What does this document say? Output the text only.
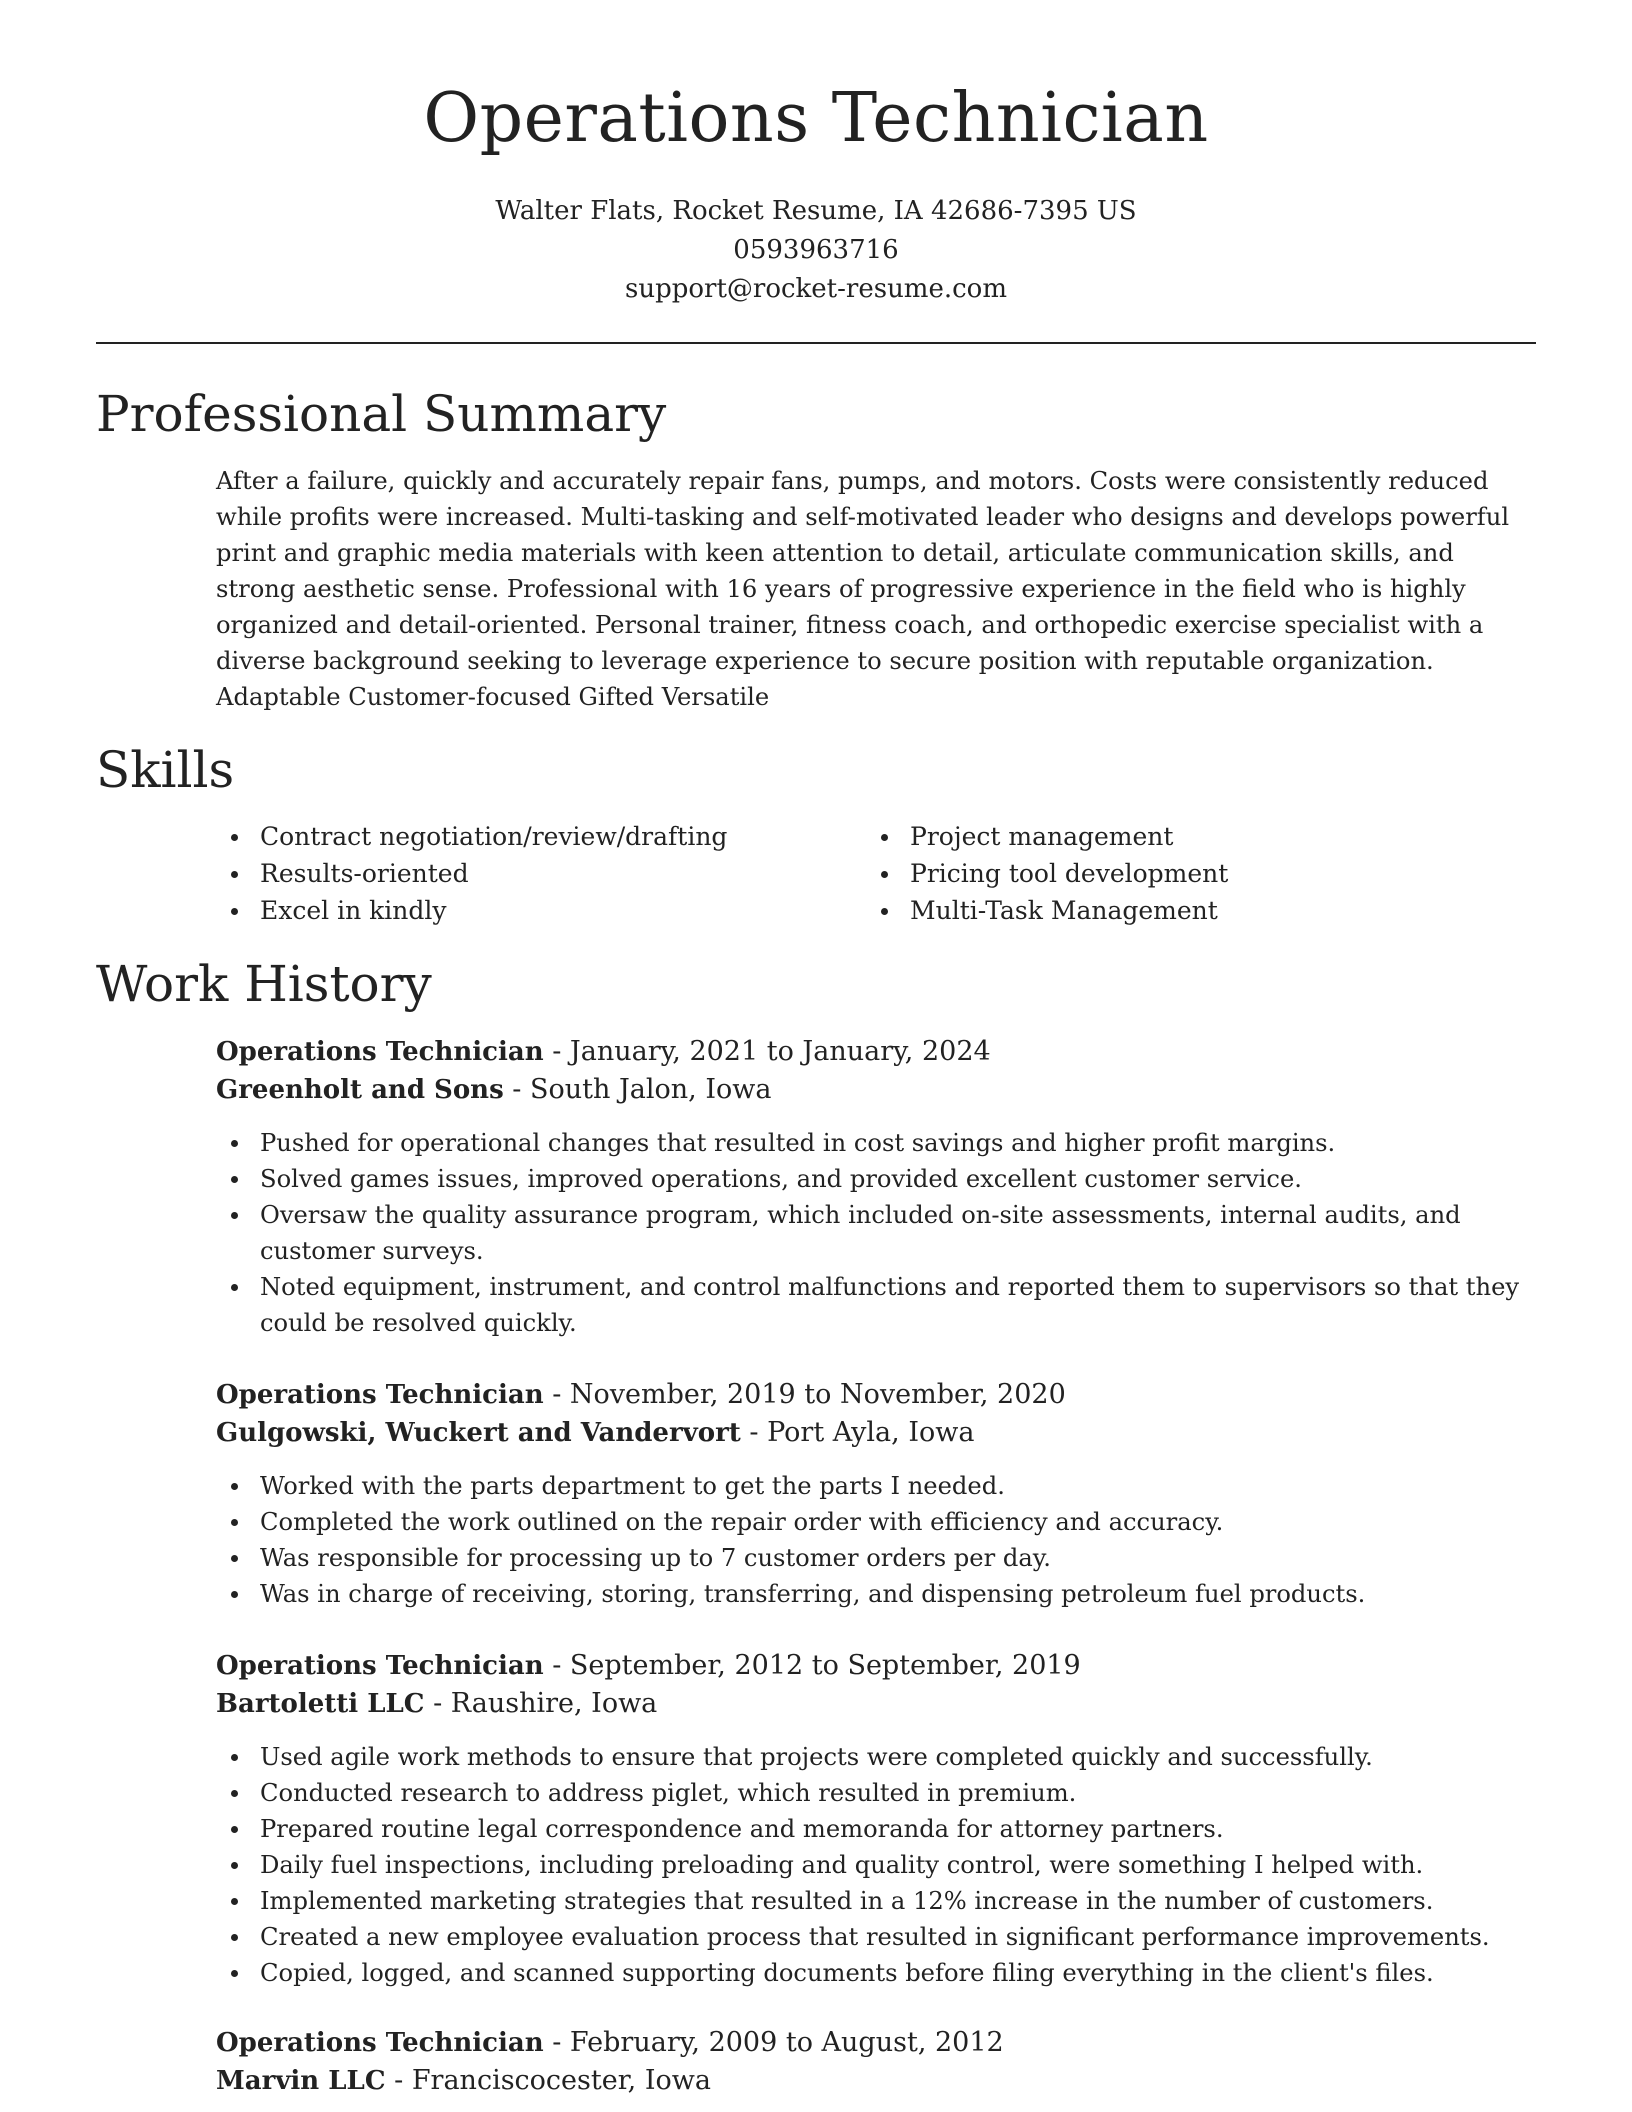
Operations Technician
Walter Flats, Rocket Resume, IA 42686-7395 US
0593963716
support@rocket-resume.com
Professional Summary

After a failure, quickly and accurately repair fans, pumps, and motors. Costs were consistently reduced while profits were increased. Multi-tasking and self-motivated leader who designs and develops powerful print and graphic media materials with keen attention to detail, articulate communication skills, and strong aesthetic sense. Professional with 16 years of progressive experience in the field who is highly organized and detail-oriented. Personal trainer, fitness coach, and orthopedic exercise specialist with a diverse background seeking to leverage experience to secure position with reputable organization. Adaptable Customer-focused Gifted Versatile

Skills
Contract negotiation/review/drafting
Results-oriented
Excel in kindly
Project management
Pricing tool development
Multi-Task Management
Work History
Operations Technician - January, 2021 to January, 2024
Greenholt and Sons - South Jalon, Iowa
Pushed for operational changes that resulted in cost savings and higher profit margins.
Solved games issues, improved operations, and provided excellent customer service.
Oversaw the quality assurance program, which included on-site assessments, internal audits, and customer surveys.
Noted equipment, instrument, and control malfunctions and reported them to supervisors so that they could be resolved quickly.
Operations Technician - November, 2019 to November, 2020
Gulgowski, Wuckert and Vandervort - Port Ayla, Iowa
Worked with the parts department to get the parts I needed.
Completed the work outlined on the repair order with efficiency and accuracy.
Was responsible for processing up to 7 customer orders per day.
Was in charge of receiving, storing, transferring, and dispensing petroleum fuel products.
Operations Technician - September, 2012 to September, 2019
Bartoletti LLC - Raushire, Iowa
Used agile work methods to ensure that projects were completed quickly and successfully.
Conducted research to address piglet, which resulted in premium.
Prepared routine legal correspondence and memoranda for attorney partners.
Daily fuel inspections, including preloading and quality control, were something I helped with.
Implemented marketing strategies that resulted in a 12% increase in the number of customers.
Created a new employee evaluation process that resulted in significant performance improvements.
Copied, logged, and scanned supporting documents before filing everything in the client's files.
Operations Technician - February, 2009 to August, 2012
Marvin LLC - Franciscocester, Iowa
